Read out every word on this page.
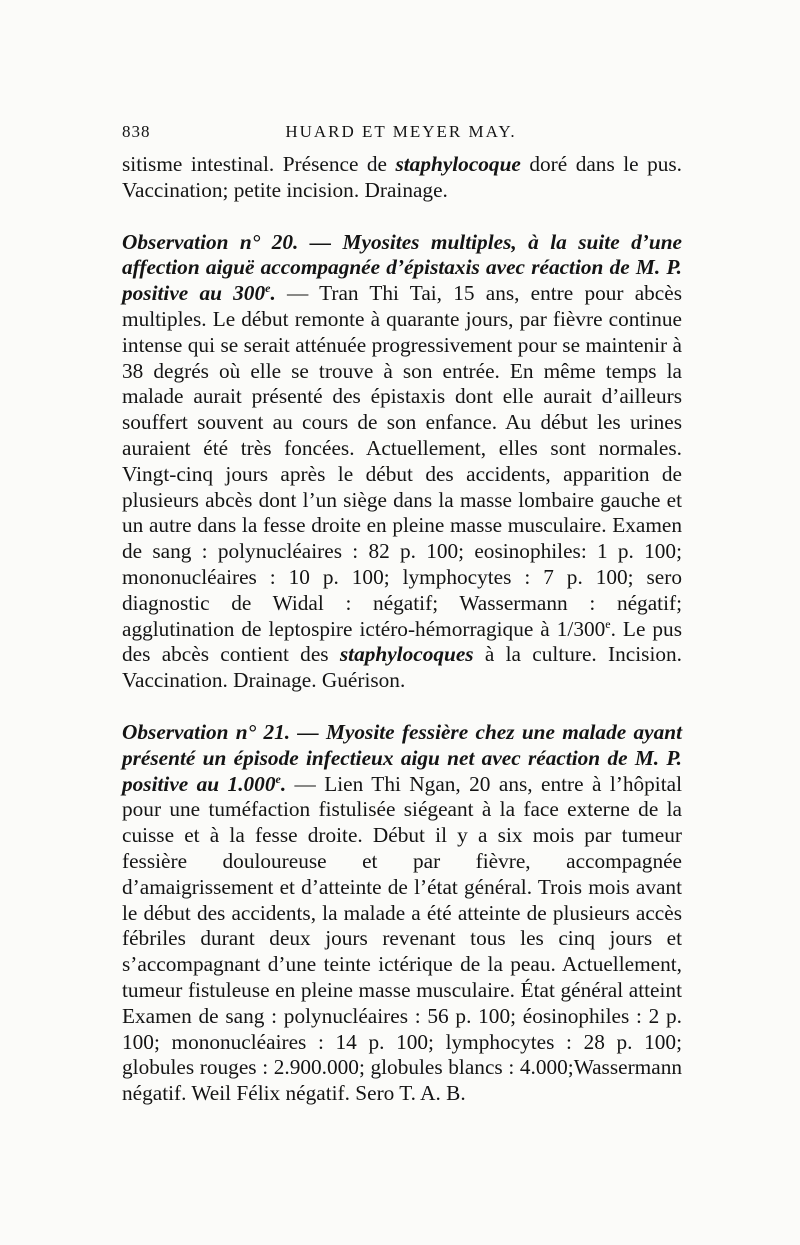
838	HUARD ET MEYER MAY.

sitisme intestinal. Présence de staphylocoque doré dans le pus. Vaccination; petite incision. Drainage.

Observation n° 20. — Myosites multiples, à la suite d’une affection aiguë accompagnée d’épistaxis avec réaction de M. P. positive au 300e. — Tran Thi Tai, 15 ans, entre pour abcès multiples. Le début remonte à quarante jours, par fièvre continue intense qui se serait atténuée progressivement pour se maintenir à 38 degrés où elle se trouve à son entrée. En même temps la malade aurait présenté des épistaxis dont elle aurait d’ailleurs souffert souvent au cours de son enfance. Au début les urines auraient été très foncées. Actuellement, elles sont normales. Vingt-cinq jours après le début des accidents, apparition de plusieurs abcès dont l’un siège dans la masse lombaire gauche et un autre dans la fesse droite en pleine masse musculaire. Examen de sang : polynucléaires : 82 p. 100; eosinophiles: 1 p. 100; mononucléaires : 10 p. 100; lymphocytes : 7 p. 100; sero diagnostic de Widal : négatif; Wassermann : négatif; agglutination de leptospire ictéro-hémorragique à 1/300e. Le pus des abcès contient des staphylocoques à la culture. Incision. Vaccination. Drainage. Guérison.

Observation n° 21. — Myosite fessière chez une malade ayant présenté un épisode infectieux aigu net avec réaction de M. P. positive au 1.000e. — Lien Thi Ngan, 20 ans, entre à l’hôpital pour une tuméfaction fistulisée siégeant à la face externe de la cuisse et à la fesse droite. Début il y a six mois par tumeur fessière douloureuse et par fièvre, accompagnée d’amaigrissement et d’atteinte de l’état général. Trois mois avant le début des accidents, la malade a été atteinte de plusieurs accès fébriles durant deux jours revenant tous les cinq jours et s’accompagnant d’une teinte ictérique de la peau. Actuellement, tumeur fistuleuse en pleine masse musculaire. État général atteint Examen de sang : polynucléaires : 56 p. 100; éosinophiles : 2 p. 100; mononucléaires : 14 p. 100; lymphocytes : 28 p. 100; globules rouges : 2.900.000; globules blancs : 4.000;Wassermann négatif. Weil Félix négatif. Sero T. A. B.
